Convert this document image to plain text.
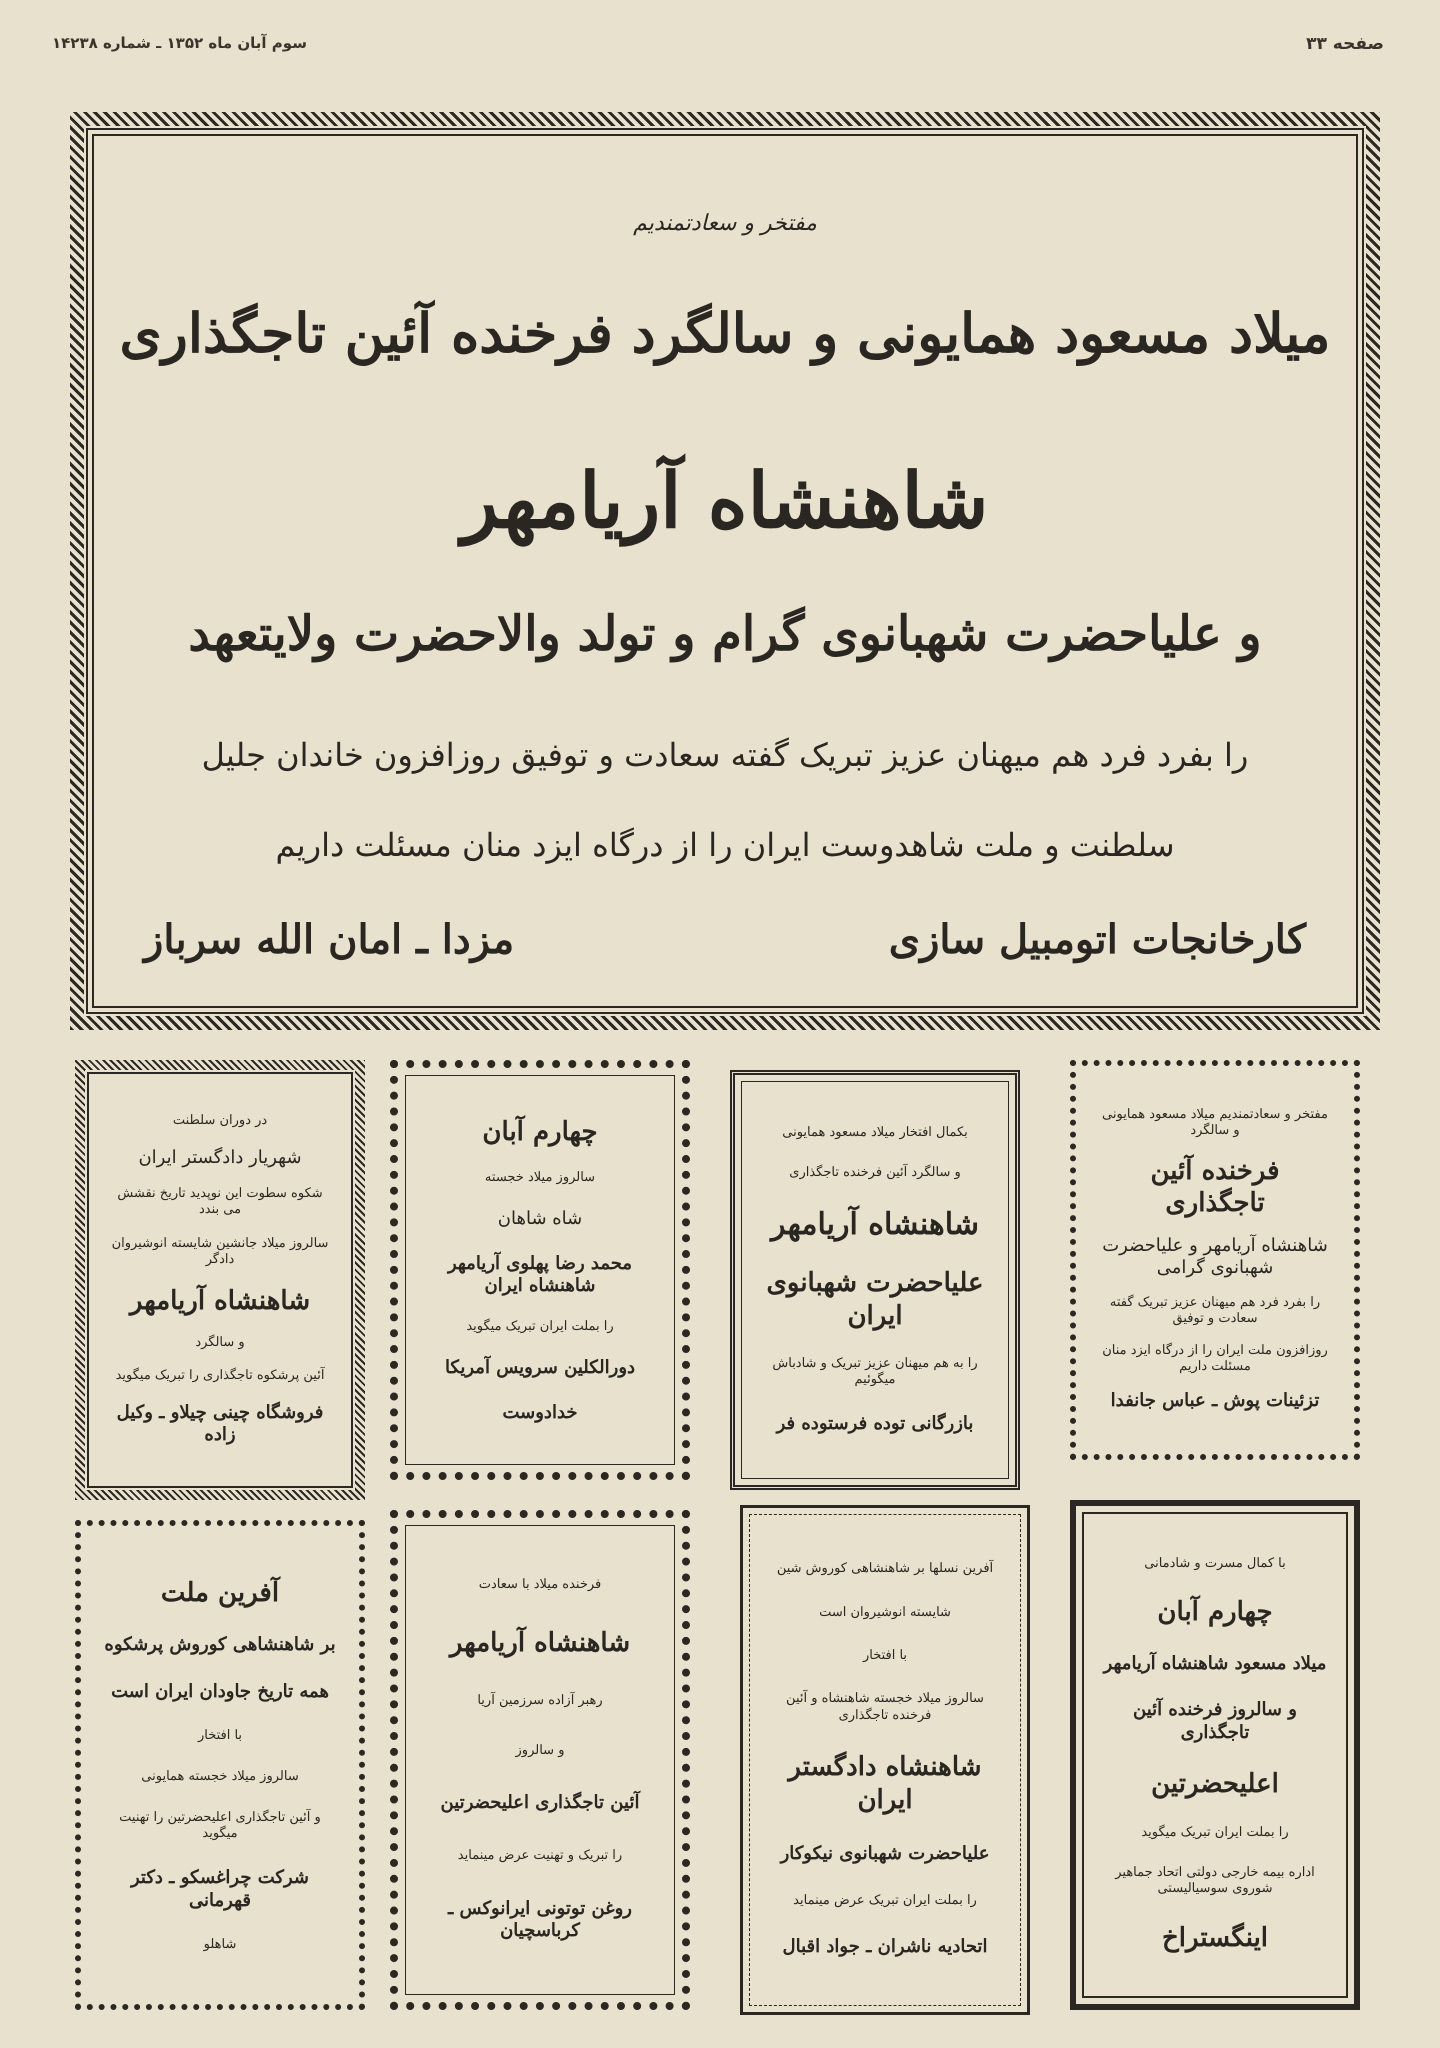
سوم آبان ماه ۱۳۵۲ ـ شماره ۱۴۲۳۸	صفحه ۳۳
مفتخر و سعادتمندیم
میلاد مسعود همایونی و سالگرد فرخنده آئین تاجگذاری
شاهنشاه آریامهر
و علیاحضرت شهبانوی گرام و تولد والاحضرت ولایتعهد
را بفرد فرد هم میهنان عزیز تبریک گفته سعادت و توفیق روزافزون خاندان جلیل
سلطنت و ملت شاهدوست ایران را از درگاه ایزد منان مسئلت داریم
کارخانجات اتومبیل سازی
مزدا ـ امان الله سرباز

مفتخر و سعادتمندیم میلاد مسعود همایونی و سالگرد

فرخنده آئین تاجگذاری

شاهنشاه آریامهر و علیاحضرت شهبانوی گرامی

را بفرد فرد هم میهنان عزیز تبریک گفته سعادت و توفیق

روزافزون ملت ایران را از درگاه ایزد منان مسئلت داریم

تزئینات پوش ـ عباس جانفدا

بکمال افتخار میلاد مسعود همایونی

و سالگرد آئین فرخنده تاجگذاری

شاهنشاه آریامهر

علیاحضرت شهبانوی ایران

را به هم میهنان عزیز تبریک و شادباش میگوئیم

بازرگانی توده فرستوده فر

چهارم آبان

سالروز میلاد خجسته

شاه شاهان

محمد رضا پهلوی آریامهر شاهنشاه ایران

را بملت ایران تبریک میگوید

دورالکلین سرویس آمریکا

خدادوست

در دوران سلطنت

شهریار دادگستر ایران

شکوه سطوت این نوپدید تاریخ نقشش می بندد

سالروز میلاد جانشین شایسته انوشیروان دادگر

شاهنشاه آریامهر

و سالگرد

آئین پرشکوه تاجگذاری را تبریک میگوید

فروشگاه چینی چیلاو ـ وکیل زاده

با کمال مسرت و شادمانی

چهارم آبان

میلاد مسعود شاهنشاه آریامهر

و سالروز فرخنده آئین تاجگذاری

اعلیحضرتین

را بملت ایران تبریک میگوید

اداره بیمه خارجی دولتی اتحاد جماهیر شوروی سوسیالیستی

اینگستراخ

آفرین نسلها بر شاهنشاهی کوروش شین

شایسته انوشیروان است

با افتخار

سالروز میلاد خجسته شاهنشاه و آئین فرخنده تاجگذاری

شاهنشاه دادگستر ایران

علیاحضرت شهبانوی نیکوکار

را بملت ایران تبریک عرض مینماید

اتحادیه ناشران ـ جواد اقبال

فرخنده میلاد با سعادت

شاهنشاه آریامهر

رهبر آزاده سرزمین آریا

و سالروز

آئین تاجگذاری اعلیحضرتین

را تبریک و تهنیت عرض مینماید

روغن توتونی ایرانوکس ـ کرباسچیان

آفرین ملت

بر شاهنشاهی کوروش پرشکوه

همه تاریخ جاودان ایران است

با افتخار

سالروز میلاد خجسته همایونی

و آئین تاجگذاری اعلیحضرتین را تهنیت میگوید

شرکت چراغسکو ـ دکتر قهرمانی

شاهلو
